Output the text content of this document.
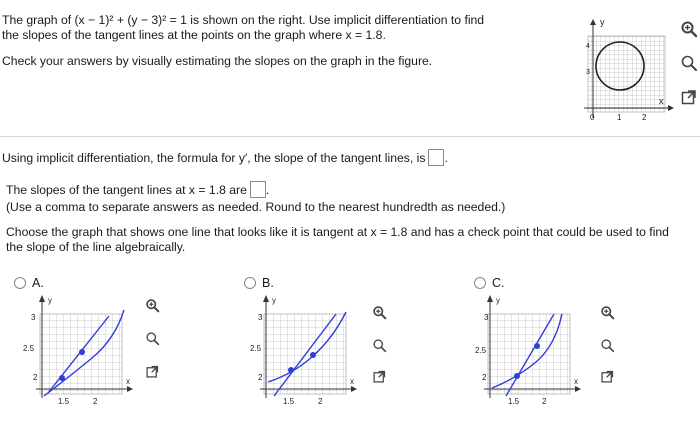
The graph of (x − 1)² + (y − 3)² = 1 is shown on the right. Use implicit differentiation to find
the slopes of the tangent lines at the points on the graph where x = 1.8.
Check your answers by visually estimating the slopes on the graph in the figure.
y
x
4
3
0	1	2
Using implicit differentiation, the formula for y′, the slope of the tangent lines, is .
The slopes of the tangent lines at x = 1.8 are .
(Use a comma to separate answers as needed. Round to the nearest hundredth as needed.)
Choose the graph that shows one line that looks like it is tangent at x = 1.8 and has a check point that could be used to find
the slope of the line algebraically.
A.
y
x
3
2.5
2
1.5	2
B.
y
x
3
2.5
2
1.5	2
C.
y
x
3
2.5
2
1.5	2
